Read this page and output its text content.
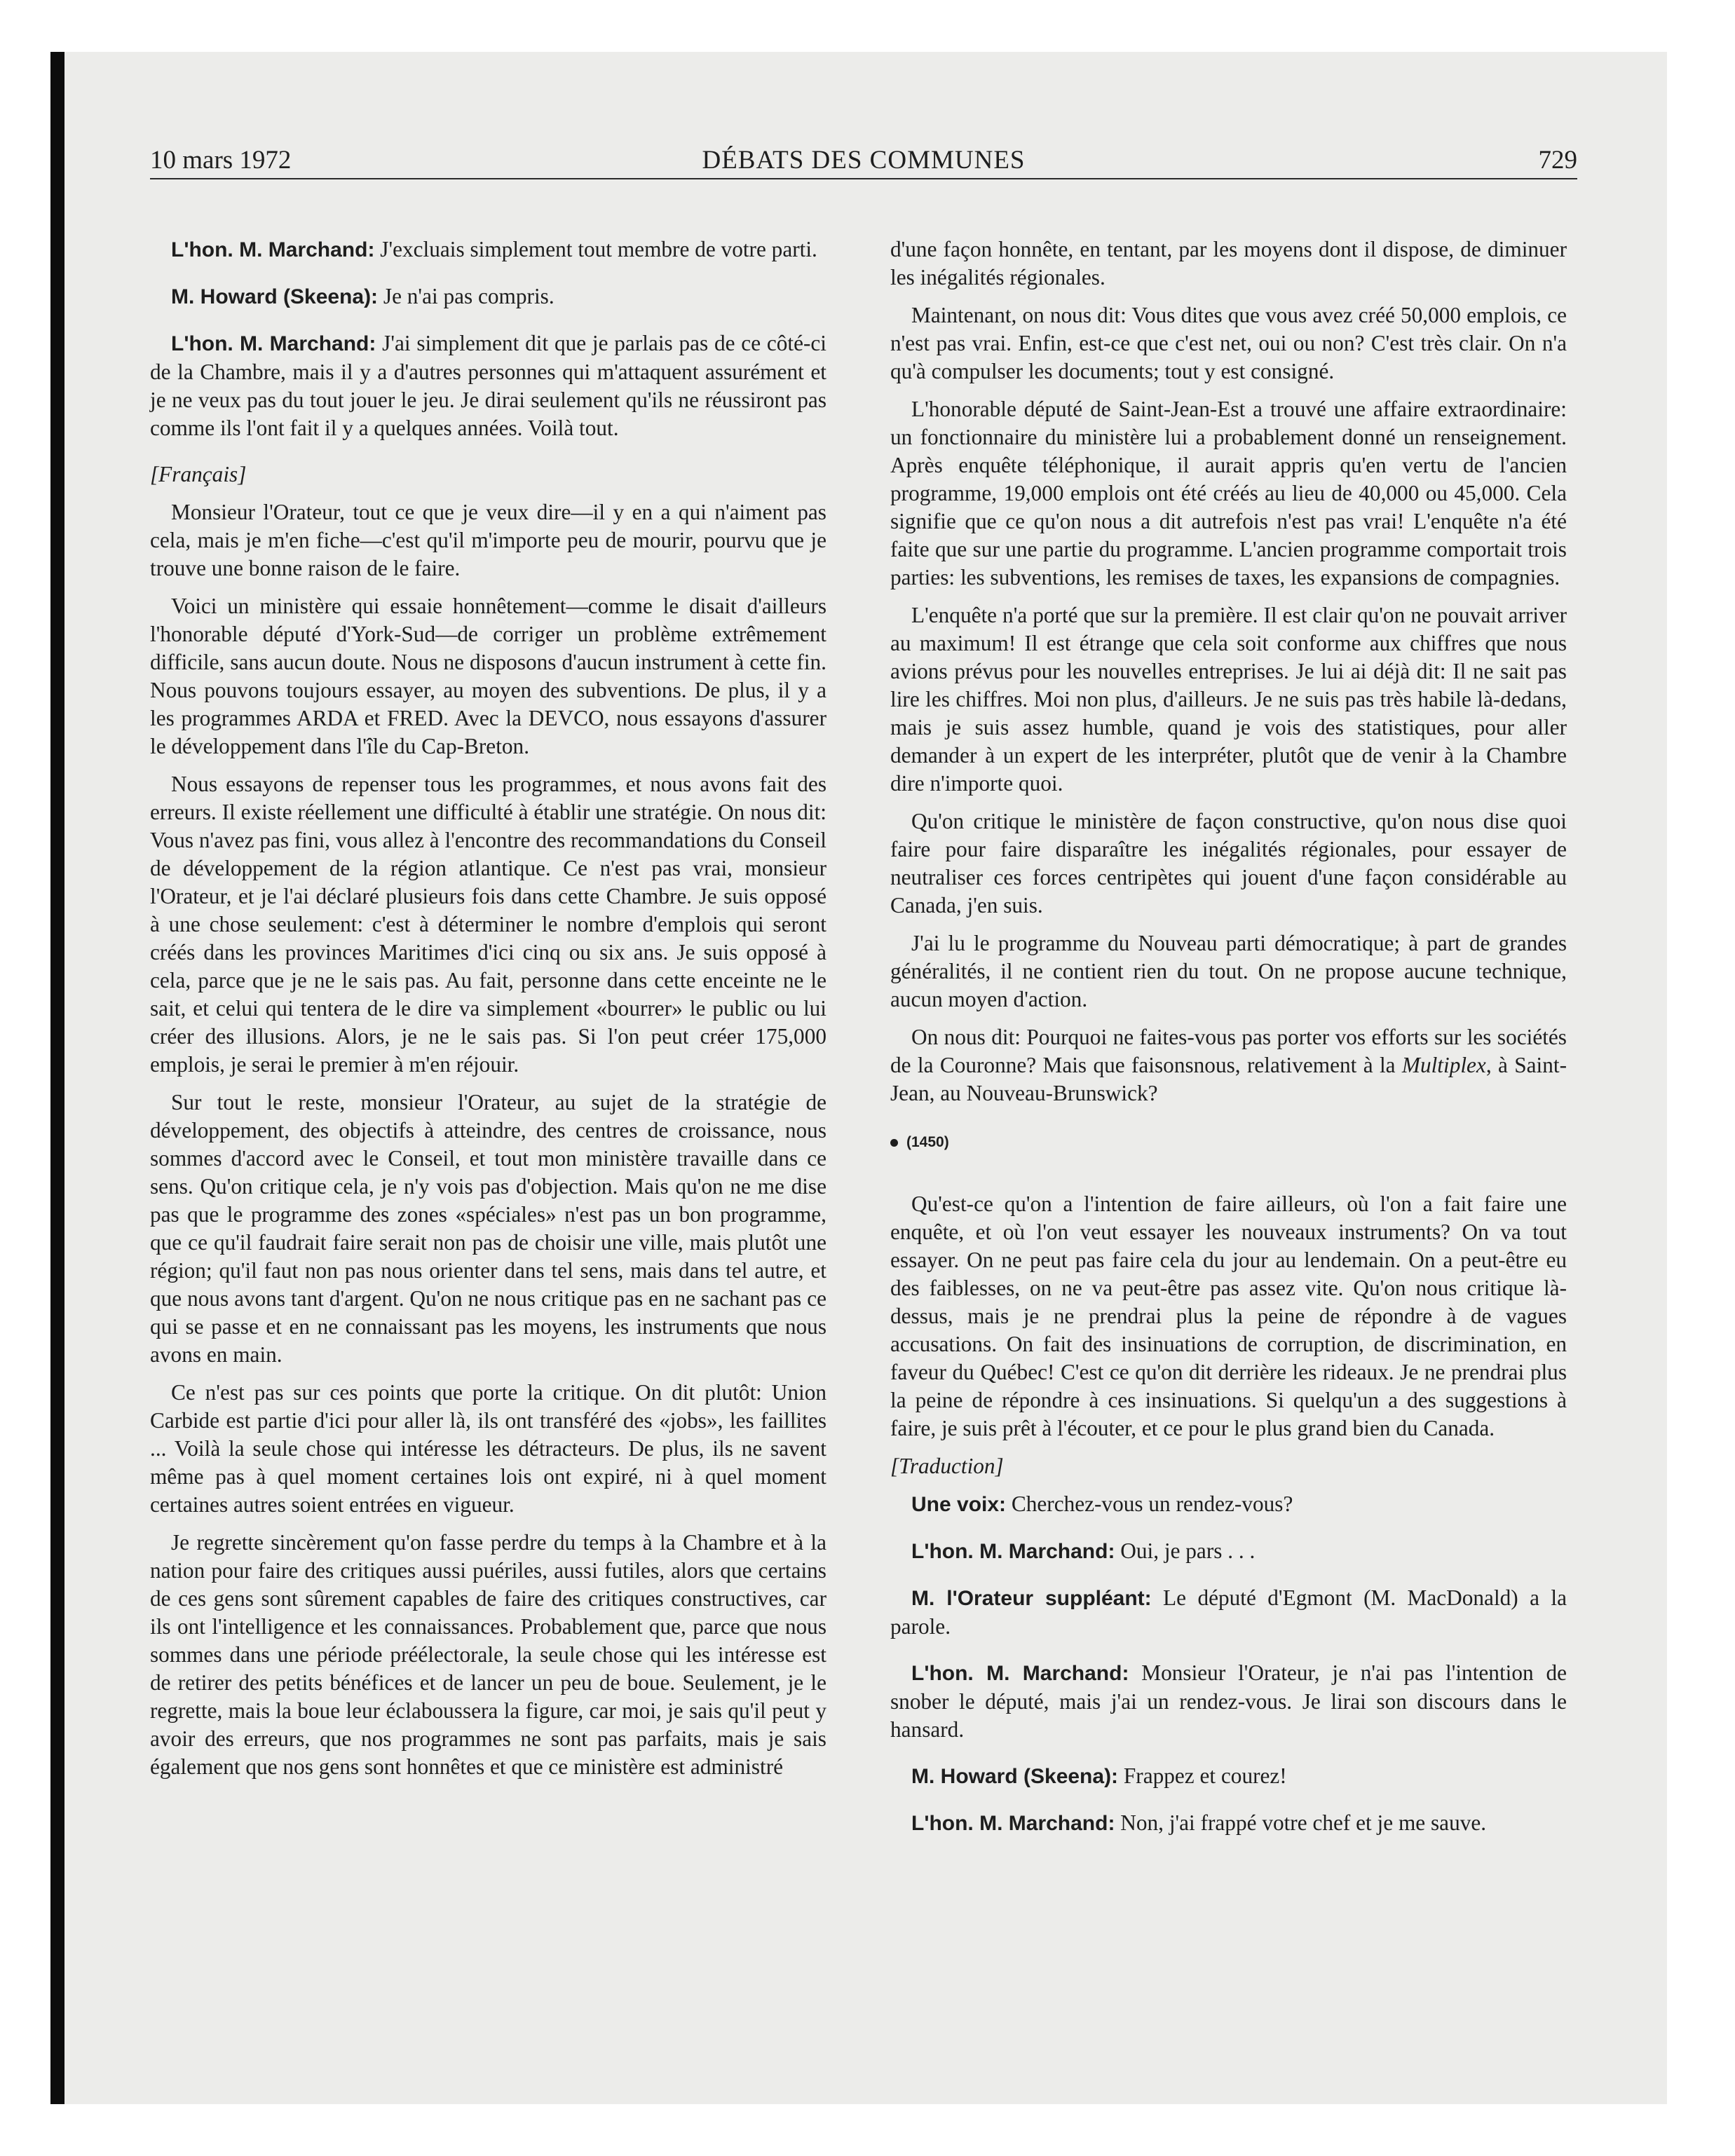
10 mars 1972	DÉBATS DES COMMUNES	729

L'hon. M. Marchand: J'excluais simplement tout membre de votre parti.

M. Howard (Skeena): Je n'ai pas compris.

L'hon. M. Marchand: J'ai simplement dit que je parlais pas de ce côté-ci de la Chambre, mais il y a d'autres personnes qui m'attaquent assurément et je ne veux pas du tout jouer le jeu. Je dirai seulement qu'ils ne réussiront pas comme ils l'ont fait il y a quelques années. Voilà tout.

[Français]

Monsieur l'Orateur, tout ce que je veux dire—il y en a qui n'aiment pas cela, mais je m'en fiche—c'est qu'il m'importe peu de mourir, pourvu que je trouve une bonne raison de le faire.

Voici un ministère qui essaie honnêtement—comme le disait d'ailleurs l'honorable député d'York-Sud—de corriger un problème extrêmement difficile, sans aucun doute. Nous ne disposons d'aucun instrument à cette fin. Nous pouvons toujours essayer, au moyen des subventions. De plus, il y a les programmes ARDA et FRED. Avec la DEVCO, nous essayons d'assurer le développement dans l'île du Cap-Breton.

Nous essayons de repenser tous les programmes, et nous avons fait des erreurs. Il existe réellement une difficulté à établir une stratégie. On nous dit: Vous n'avez pas fini, vous allez à l'encontre des recommandations du Conseil de développement de la région atlantique. Ce n'est pas vrai, monsieur l'Orateur, et je l'ai déclaré plusieurs fois dans cette Chambre. Je suis opposé à une chose seulement: c'est à déterminer le nombre d'emplois qui seront créés dans les provinces Maritimes d'ici cinq ou six ans. Je suis opposé à cela, parce que je ne le sais pas. Au fait, personne dans cette enceinte ne le sait, et celui qui tentera de le dire va simplement «bourrer» le public ou lui créer des illusions. Alors, je ne le sais pas. Si l'on peut créer 175,000 emplois, je serai le premier à m'en réjouir.

Sur tout le reste, monsieur l'Orateur, au sujet de la stratégie de développement, des objectifs à atteindre, des centres de croissance, nous sommes d'accord avec le Conseil, et tout mon ministère travaille dans ce sens. Qu'on critique cela, je n'y vois pas d'objection. Mais qu'on ne me dise pas que le programme des zones «spéciales» n'est pas un bon programme, que ce qu'il faudrait faire serait non pas de choisir une ville, mais plutôt une région; qu'il faut non pas nous orienter dans tel sens, mais dans tel autre, et que nous avons tant d'argent. Qu'on ne nous critique pas en ne sachant pas ce qui se passe et en ne connaissant pas les moyens, les instruments que nous avons en main.

Ce n'est pas sur ces points que porte la critique. On dit plutôt: Union Carbide est partie d'ici pour aller là, ils ont transféré des «jobs», les faillites ... Voilà la seule chose qui intéresse les détracteurs. De plus, ils ne savent même pas à quel moment certaines lois ont expiré, ni à quel moment certaines autres soient entrées en vigueur.

Je regrette sincèrement qu'on fasse perdre du temps à la Chambre et à la nation pour faire des critiques aussi puériles, aussi futiles, alors que certains de ces gens sont sûrement capables de faire des critiques constructives, car ils ont l'intelligence et les connaissances. Probablement que, parce que nous sommes dans une période préélectorale, la seule chose qui les intéresse est de retirer des petits bénéfices et de lancer un peu de boue. Seulement, je le regrette, mais la boue leur éclaboussera la figure, car moi, je sais qu'il peut y avoir des erreurs, que nos programmes ne sont pas parfaits, mais je sais également que nos gens sont honnêtes et que ce ministère est administré

d'une façon honnête, en tentant, par les moyens dont il dispose, de diminuer les inégalités régionales.

Maintenant, on nous dit: Vous dites que vous avez créé 50,000 emplois, ce n'est pas vrai. Enfin, est-ce que c'est net, oui ou non? C'est très clair. On n'a qu'à compulser les documents; tout y est consigné.

L'honorable député de Saint-Jean-Est a trouvé une affaire extraordinaire: un fonctionnaire du ministère lui a probablement donné un renseignement. Après enquête téléphonique, il aurait appris qu'en vertu de l'ancien programme, 19,000 emplois ont été créés au lieu de 40,000 ou 45,000. Cela signifie que ce qu'on nous a dit autrefois n'est pas vrai! L'enquête n'a été faite que sur une partie du programme. L'ancien programme comportait trois parties: les subventions, les remises de taxes, les expansions de compagnies.

L'enquête n'a porté que sur la première. Il est clair qu'on ne pouvait arriver au maximum! Il est étrange que cela soit conforme aux chiffres que nous avions prévus pour les nouvelles entreprises. Je lui ai déjà dit: Il ne sait pas lire les chiffres. Moi non plus, d'ailleurs. Je ne suis pas très habile là-dedans, mais je suis assez humble, quand je vois des statistiques, pour aller demander à un expert de les interpréter, plutôt que de venir à la Chambre dire n'importe quoi.

Qu'on critique le ministère de façon constructive, qu'on nous dise quoi faire pour faire disparaître les inégalités régionales, pour essayer de neutraliser ces forces centripètes qui jouent d'une façon considérable au Canada, j'en suis.

J'ai lu le programme du Nouveau parti démocratique; à part de grandes généralités, il ne contient rien du tout. On ne propose aucune technique, aucun moyen d'action.

On nous dit: Pourquoi ne faites-vous pas porter vos efforts sur les sociétés de la Couronne? Mais que faisonsnous, relativement à la Multiplex, à Saint-Jean, au Nouveau-Brunswick?

(1450)

Qu'est-ce qu'on a l'intention de faire ailleurs, où l'on a fait faire une enquête, et où l'on veut essayer les nouveaux instruments? On va tout essayer. On ne peut pas faire cela du jour au lendemain. On a peut-être eu des faiblesses, on ne va peut-être pas assez vite. Qu'on nous critique là-dessus, mais je ne prendrai plus la peine de répondre à de vagues accusations. On fait des insinuations de corruption, de discrimination, en faveur du Québec! C'est ce qu'on dit derrière les rideaux. Je ne prendrai plus la peine de répondre à ces insinuations. Si quelqu'un a des suggestions à faire, je suis prêt à l'écouter, et ce pour le plus grand bien du Canada.

[Traduction]

Une voix: Cherchez-vous un rendez-vous?

L'hon. M. Marchand: Oui, je pars . . .

M. l'Orateur suppléant: Le député d'Egmont (M. MacDonald) a la parole.

L'hon. M. Marchand: Monsieur l'Orateur, je n'ai pas l'intention de snober le député, mais j'ai un rendez-vous. Je lirai son discours dans le hansard.

M. Howard (Skeena): Frappez et courez!

L'hon. M. Marchand: Non, j'ai frappé votre chef et je me sauve.
